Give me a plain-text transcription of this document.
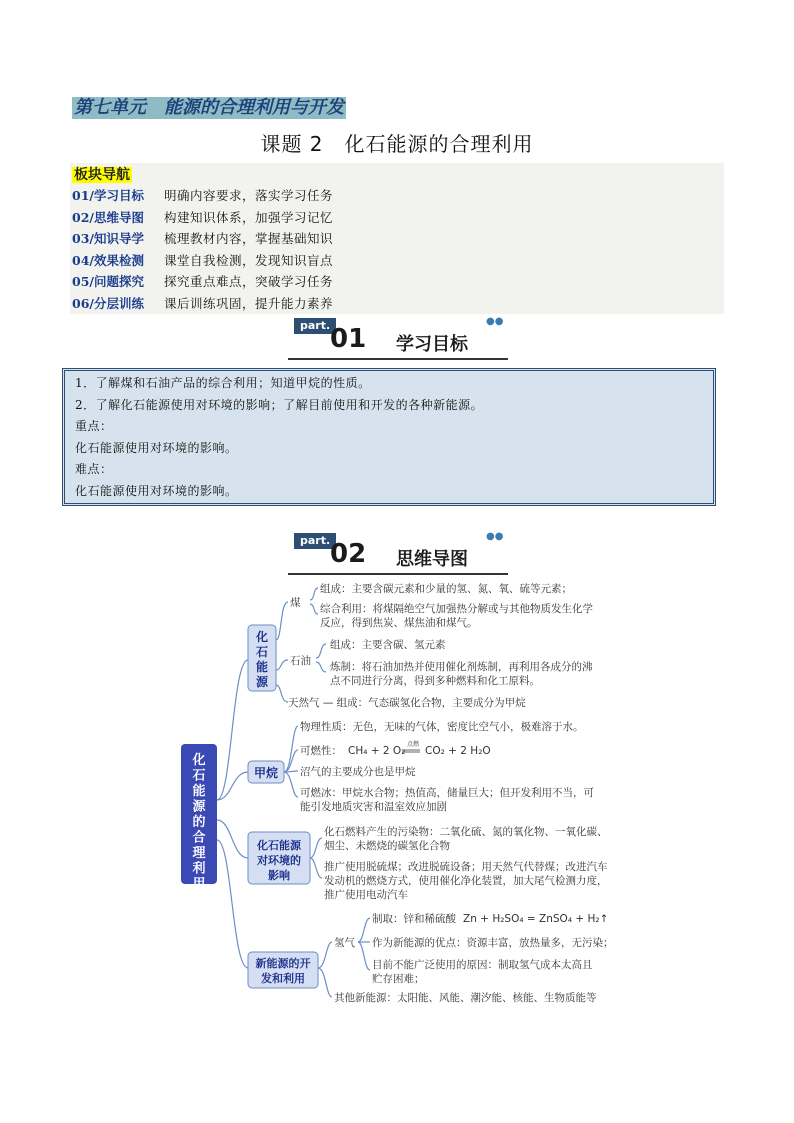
第七单元　能源的合理利用与开发
课题 2　化石能源的合理利用
板块导航
01/学习目标	明确内容要求，落实学习任务
02/思维导图	构建知识体系，加强学习记忆
03/知识导学	梳理教材内容，掌握基础知识
04/效果检测	课堂自我检测，发现知识盲点
05/问题探究	探究重点难点，突破学习任务
06/分层训练	课后训练巩固，提升能力素养
part. 01 学习目标
●●
1．了解煤和石油产品的综合利用；知道甲烷的性质。
2．了解化石能源使用对环境的影响；了解目前使用和开发的各种新能源。
重点：
化石能源使用对环境的影响。
难点：
化石能源使用对环境的影响。
part. 02 思维导图
●●
化
石
能
源
的
合
理
利
用
化
石
能
源
甲烷
化石能源
对环境的
影响
新能源的开
发和利用
煤
组成：主要含碳元素和少量的氢、氮、氧、硫等元素；
综合利用：将煤隔绝空气加强热分解或与其他物质发生化学
反应，得到焦炭、煤焦油和煤气。
石油
组成：主要含碳、氢元素
炼制：将石油加热并使用催化剂炼制，再利用各成分的沸
点不同进行分离，得到多种燃料和化工原料。
天然气 — 组成：气态碳氢化合物，主要成分为甲烷
物理性质：无色，无味的气体，密度比空气小，极难溶于水。
可燃性： CH₄ + 2 O₂
点燃
CO₂ + 2 H₂O
沼气的主要成分也是甲烷
可燃冰：甲烷水合物；热值高，储量巨大；但开发利用不当，可
能引发地质灾害和温室效应加剧
化石燃料产生的污染物：二氧化硫、氮的氧化物、一氧化碳、
烟尘、未燃烧的碳氢化合物
推广使用脱硫煤；改进脱硫设备；用天然气代替煤；改进汽车
发动机的燃烧方式，使用催化净化装置，加大尾气检测力度，
推广使用电动汽车
氢气
制取：锌和稀硫酸 Zn + H₂SO₄ = ZnSO₄ + H₂↑
作为新能源的优点：资源丰富，放热量多，无污染；
目前不能广泛使用的原因：制取氢气成本太高且
贮存困难；
其他新能源：太阳能、风能、潮汐能、核能、生物质能等
